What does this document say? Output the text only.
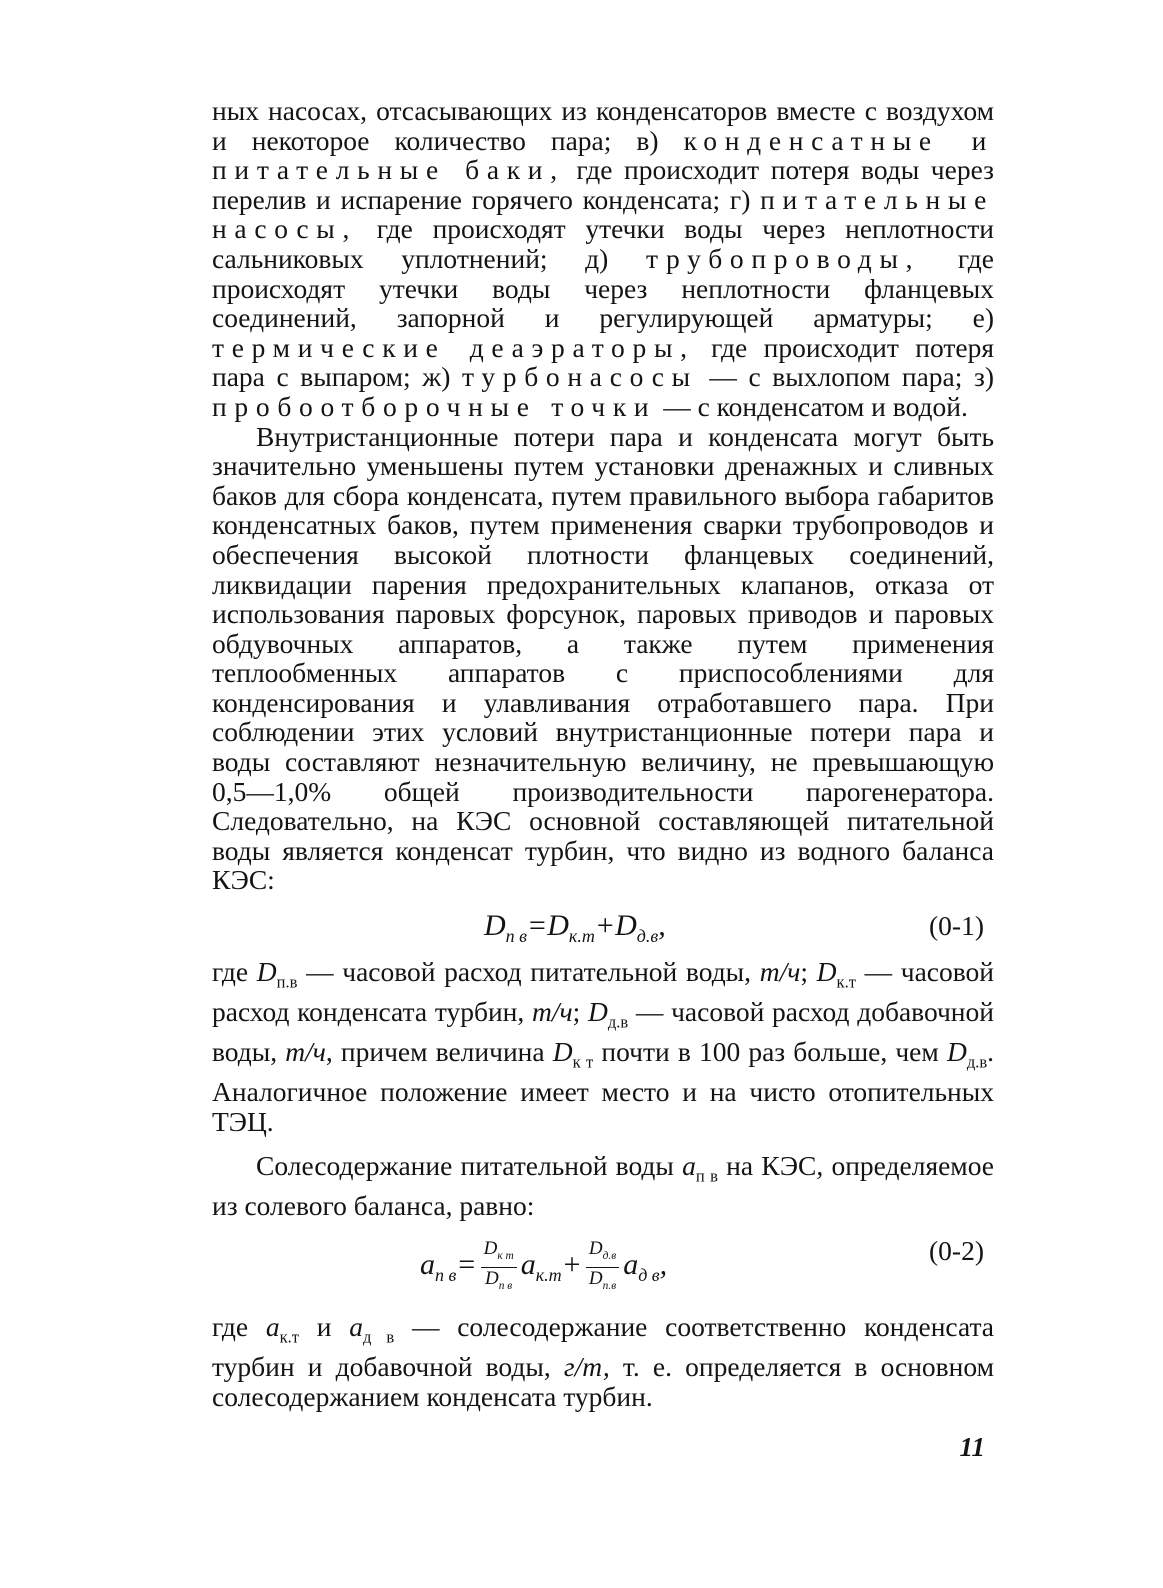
ных насосах, отсасывающих из конденсаторов вместе с воздухом и некоторое количество пара; в) конденсатные и питательные баки, где происходит потеря воды через перелив и испарение горячего конденсата; г) питательные насосы, где происходят утечки воды через неплотности сальниковых уплотнений; д) трубопроводы, где происходят утечки воды через неплотности фланцевых соединений, запорной и регулирующей арматуры; е) термические деаэраторы, где происходит потеря пара с выпаром; ж) турбонасосы — с выхлопом пара; з) пробоотборочные точки — с конденсатом и водой.

Внутристанционные потери пара и конденсата могут быть значительно уменьшены путем установки дренажных и сливных баков для сбора конденсата, путем правильного выбора габаритов конденсатных баков, путем применения сварки трубопроводов и обеспечения высокой плотности фланцевых соединений, ликвидации парения предохранительных клапанов, отказа от использования паровых форсунок, паровых приводов и паровых обдувочных аппаратов, а также путем применения теплообменных аппаратов с приспособлениями для конденсирования и улавливания отработавшего пара. При соблюдении этих условий внутристанционные потери пара и воды составляют незначительную величину, не превышающую 0,5—1,0% общей производительности парогенератора. Следовательно, на КЭС основной составляющей питательной воды является конденсат турбин, что видно из водного баланса КЭС:

$D_{п в}=D_{к.т}+D_{д.в}$,	(0-1)

где $D_{п.в}$ — часовой расход питательной воды, т/ч; $D_{к.т}$ — часовой расход конденсата турбин, т/ч; $D_{д.в}$ — часовой расход добавочной воды, т/ч, причем величина $D_{к т}$ почти в 100 раз больше, чем $D_{д.в}$. Аналогичное положение имеет место и на чисто отопительных ТЭЦ.

Солесодержание питательной воды $а_{п в}$ на КЭС, определяемое из солевого баланса, равно:

$а_{п в}= \frac{D_{к т}}{D_{п в}} а_{к.т}+ \frac{D_{д.в}}{D_{п.в}} а_{д в}$,	(0-2)

где $а_{к.т}$ и $а_{д в}$ — солесодержание соответственно конденсата турбин и добавочной воды, г/т, т. е. определяется в основном солесодержанием конденсата турбин.

11
